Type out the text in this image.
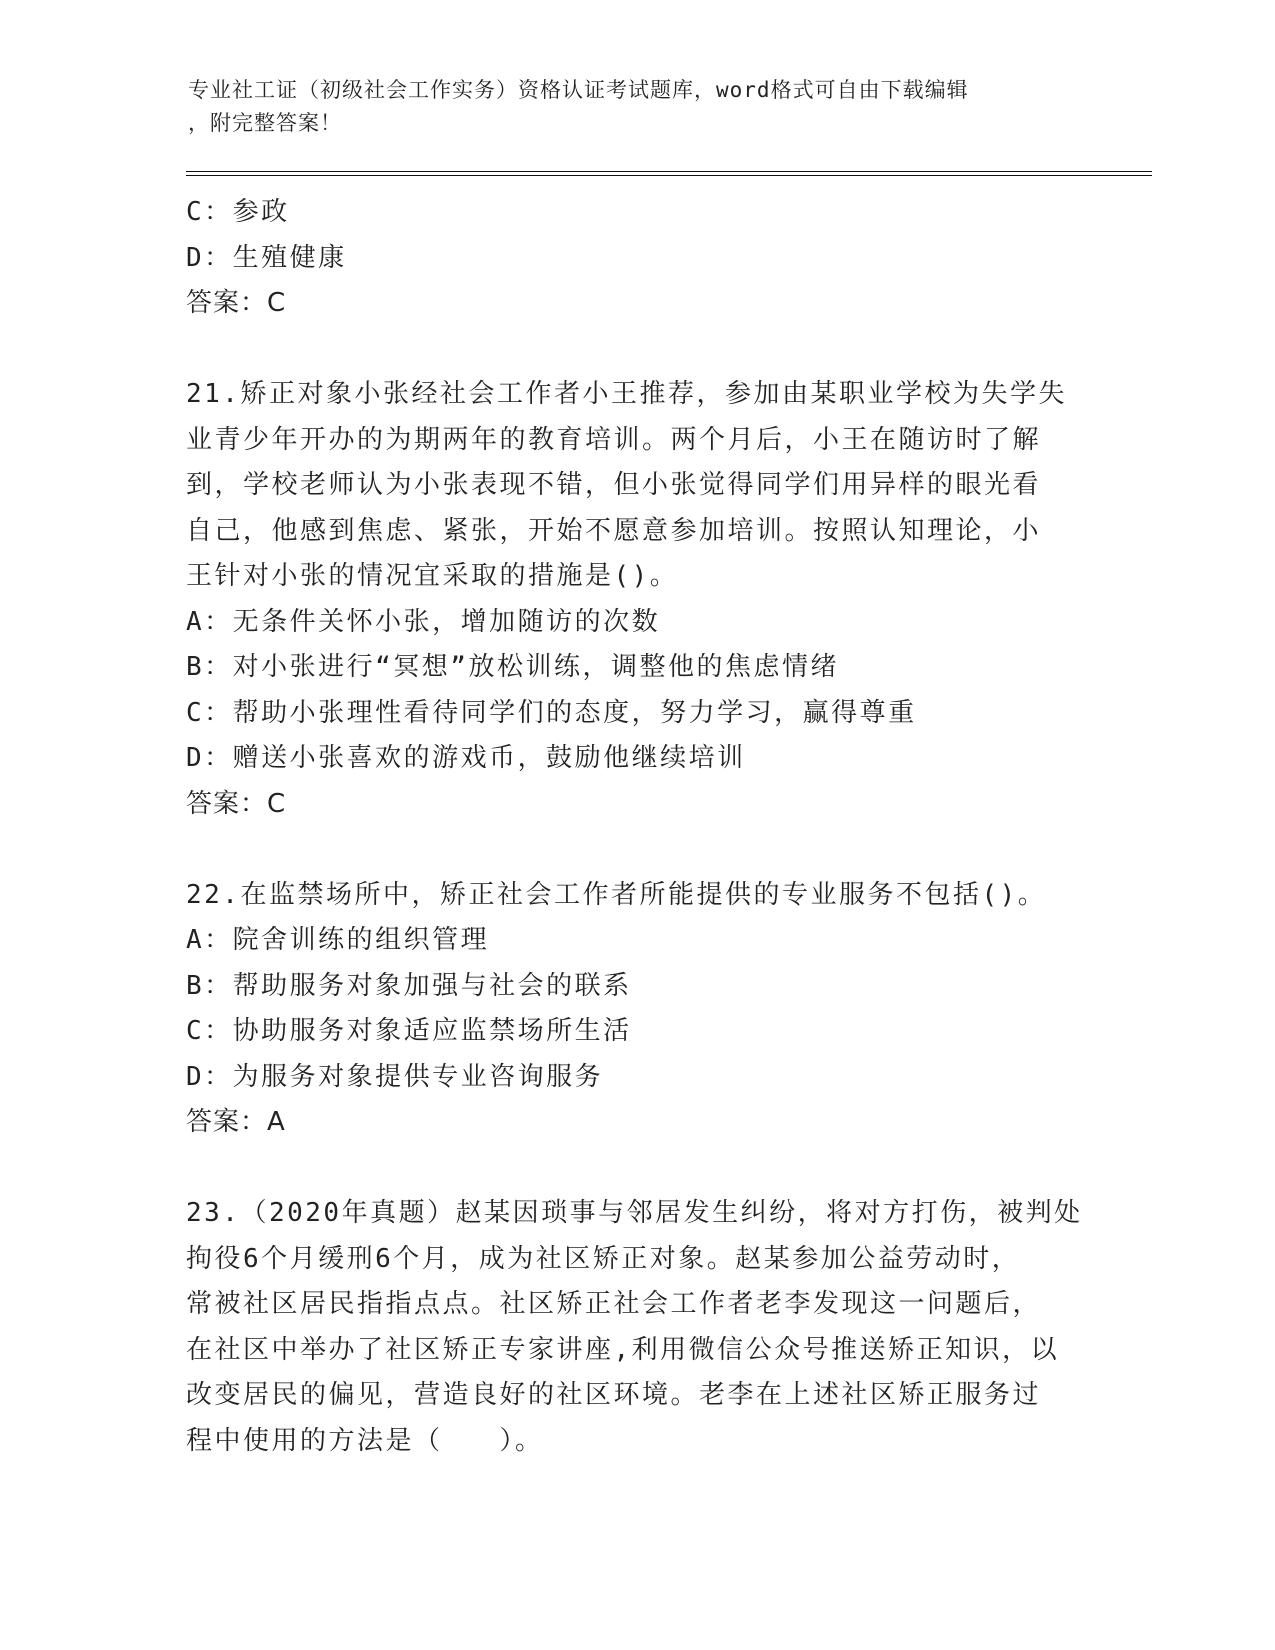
专业社工证（初级社会工作实务）资格认证考试题库，word格式可自由下载编辑
，附完整答案！
C：参政
D：生殖健康
答案：C
21.矫正对象小张经社会工作者小王推荐，参加由某职业学校为失学失
业青少年开办的为期两年的教育培训。两个月后，小王在随访时了解
到，学校老师认为小张表现不错，但小张觉得同学们用异样的眼光看
自己，他感到焦虑、紧张，开始不愿意参加培训。按照认知理论，小
王针对小张的情况宜采取的措施是()。
A：无条件关怀小张，增加随访的次数
B：对小张进行“冥想”放松训练，调整他的焦虑情绪
C：帮助小张理性看待同学们的态度，努力学习，赢得尊重
D：赠送小张喜欢的游戏币，鼓励他继续培训
答案：C
22.在监禁场所中，矫正社会工作者所能提供的专业服务不包括()。
A：院舍训练的组织管理
B：帮助服务对象加强与社会的联系
C：协助服务对象适应监禁场所生活
D：为服务对象提供专业咨询服务
答案：A
23.（2020年真题）赵某因琐事与邻居发生纠纷，将对方打伤，被判处
拘役6个月缓刑6个月，成为社区矫正对象。赵某参加公益劳动时，
常被社区居民指指点点。社区矫正社会工作者老李发现这一问题后，
在社区中举办了社区矫正专家讲座,利用微信公众号推送矫正知识，以
改变居民的偏见，营造良好的社区环境。老李在上述社区矫正服务过
程中使用的方法是（　　）。
